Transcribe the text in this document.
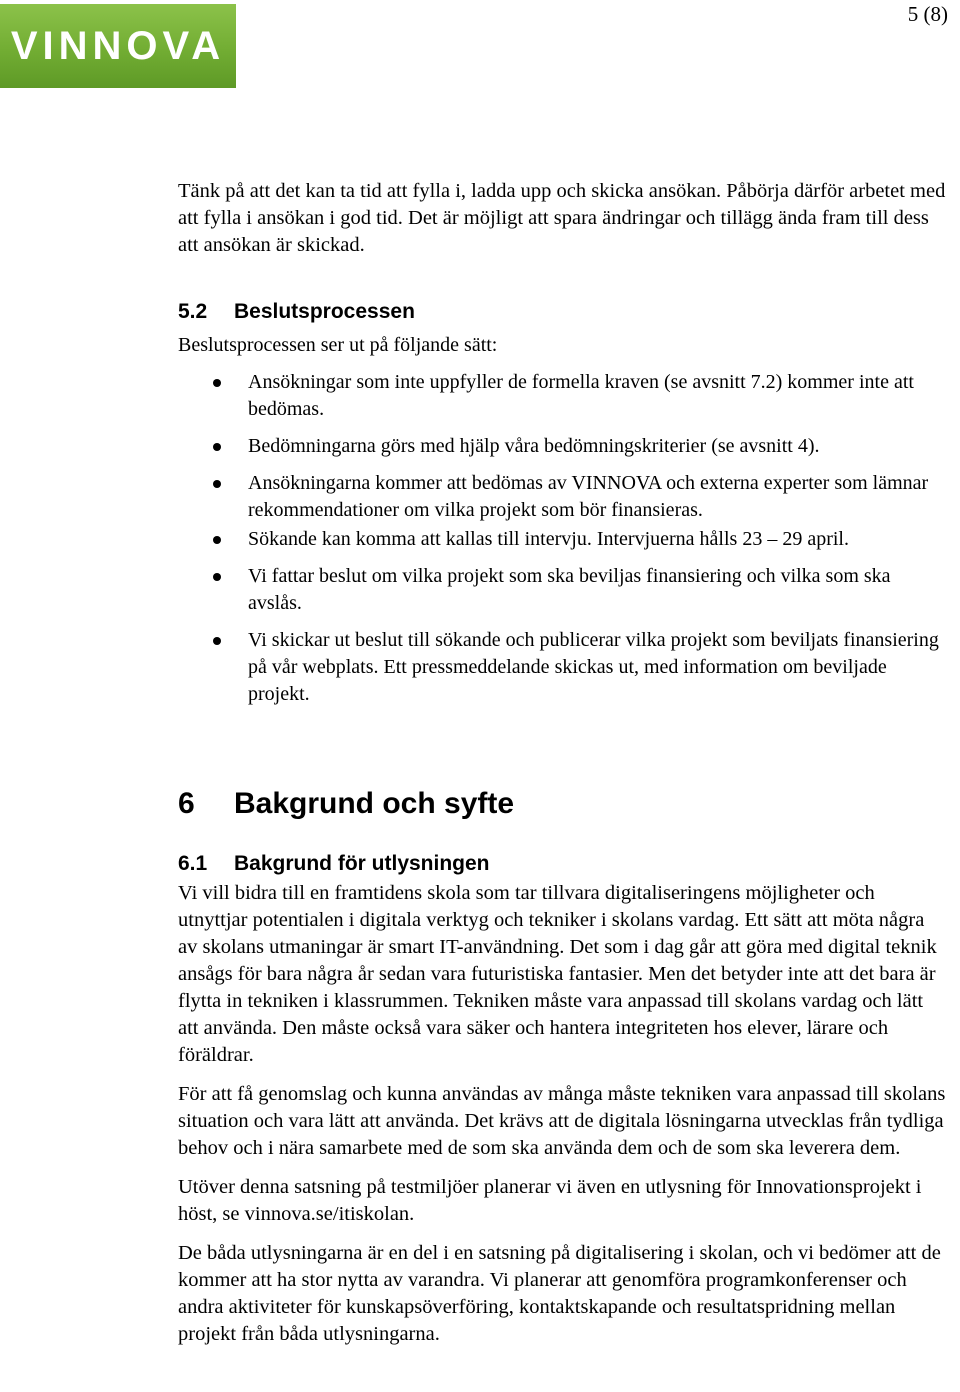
VINNOVA
5 (8)

Tänk på att det kan ta tid att fylla i, ladda upp och skicka ansökan. Påbörja därför arbetet med att fylla i ansökan i god tid. Det är möjligt att spara ändringar och tillägg ända fram till dess att ansökan är skickad.

5.2 Beslutsprocessen

Beslutsprocessen ser ut på följande sätt:

Ansökningar som inte uppfyller de formella kraven (se avsnitt 7.2) kommer inte att bedömas.
Bedömningarna görs med hjälp våra bedömningskriterier (se avsnitt 4).
Ansökningarna kommer att bedömas av VINNOVA och externa experter som lämnar rekommendationer om vilka projekt som bör finansieras.
Sökande kan komma att kallas till intervju. Intervjuerna hålls 23 – 29 april.
Vi fattar beslut om vilka projekt som ska beviljas finansiering och vilka som ska avslås.
Vi skickar ut beslut till sökande och publicerar vilka projekt som beviljats finansiering på vår webplats. Ett pressmeddelande skickas ut, med information om beviljade projekt.
6 Bakgrund och syfte
6.1 Bakgrund för utlysningen

Vi vill bidra till en framtidens skola som tar tillvara digitaliseringens möjligheter och utnyttjar potentialen i digitala verktyg och tekniker i skolans vardag. Ett sätt att möta några av skolans utmaningar är smart IT-användning. Det som i dag går att göra med digital teknik ansågs för bara några år sedan vara futuristiska fantasier. Men det betyder inte att det bara är flytta in tekniken i klassrummen. Tekniken måste vara anpassad till skolans vardag och lätt att använda. Den måste också vara säker och hantera integriteten hos elever, lärare och föräldrar.

För att få genomslag och kunna användas av många måste tekniken vara anpassad till skolans situation och vara lätt att använda. Det krävs att de digitala lösningarna utvecklas från tydliga behov och i nära samarbete med de som ska använda dem och de som ska leverera dem.

Utöver denna satsning på testmiljöer planerar vi även en utlysning för Innovationsprojekt i höst, se vinnova.se/itiskolan.

De båda utlysningarna är en del i en satsning på digitalisering i skolan, och vi bedömer att de kommer att ha stor nytta av varandra. Vi planerar att genomföra programkonferenser och andra aktiviteter för kunskapsöverföring, kontaktskapande och resultatspridning mellan projekt från båda utlysningarna.
